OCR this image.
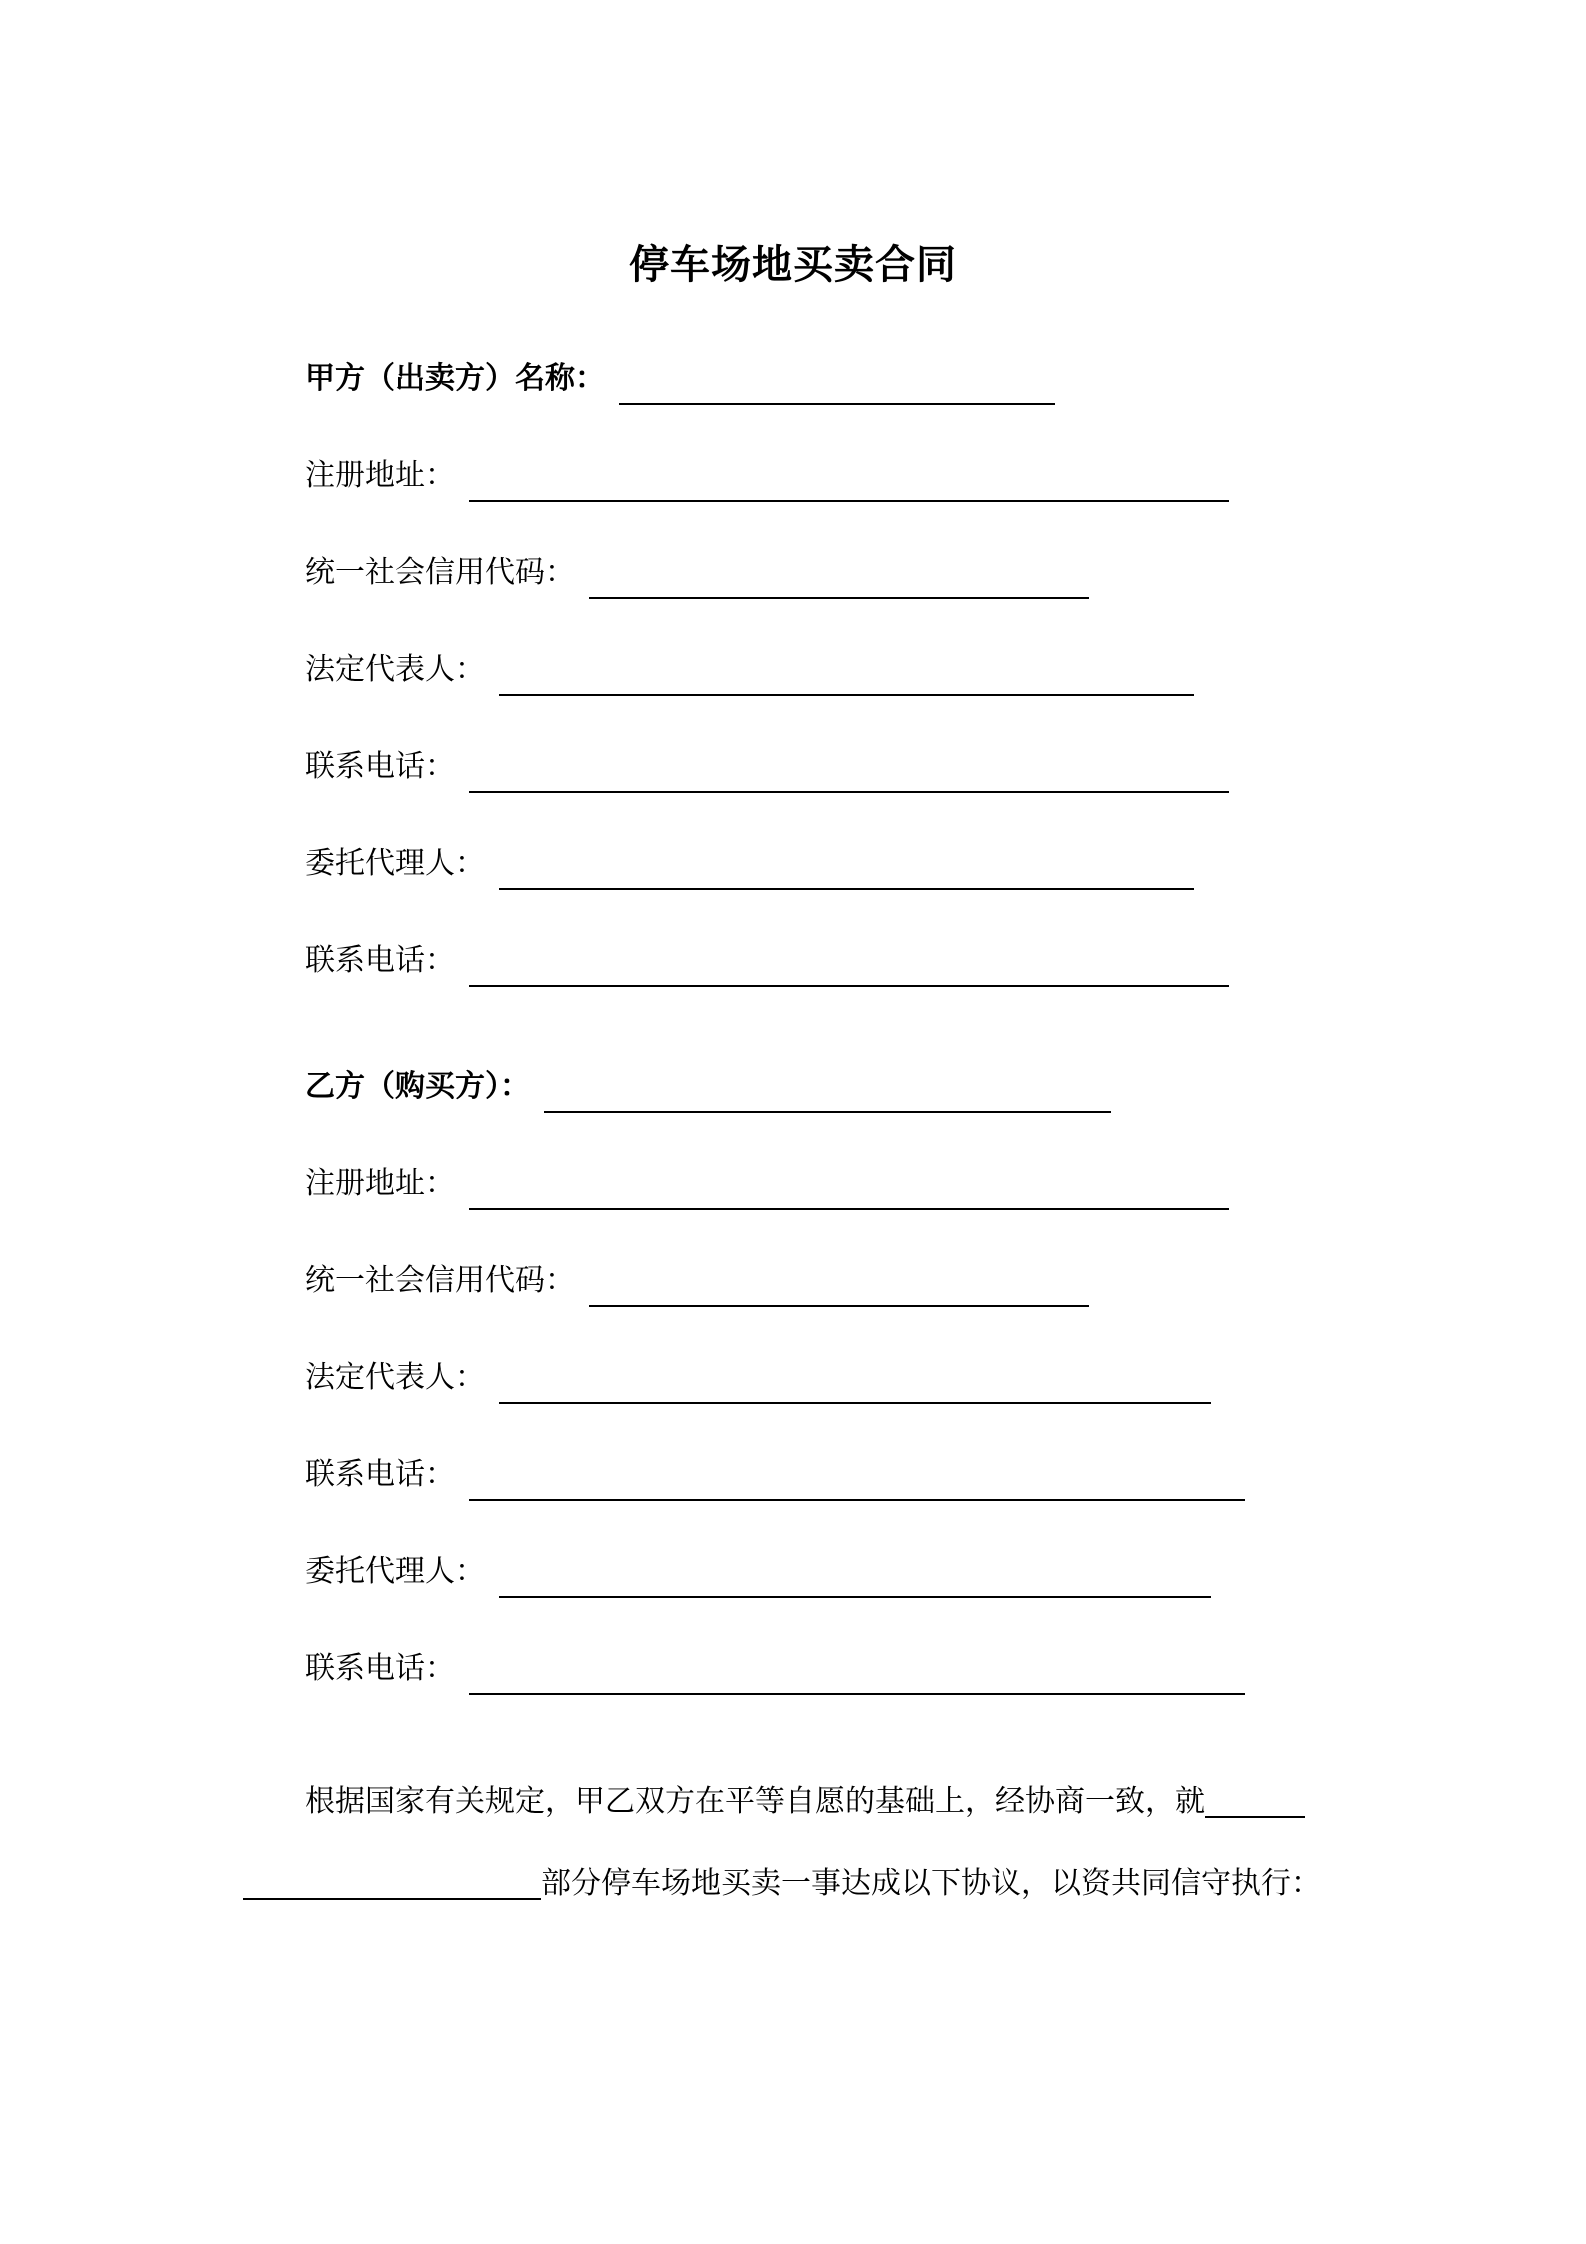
停车场地买卖合同
甲方（出卖方）名称：
注册地址：
统一社会信用代码：
法定代表人：
联系电话：
委托代理人：
联系电话：
乙方（购买方）：
注册地址：
统一社会信用代码：
法定代表人：
联系电话：
委托代理人：
联系电话：
根据国家有关规定，甲乙双方在平等自愿的基础上，经协商一致，就
部分停车场地买卖一事达成以下协议，以资共同信守执行：
